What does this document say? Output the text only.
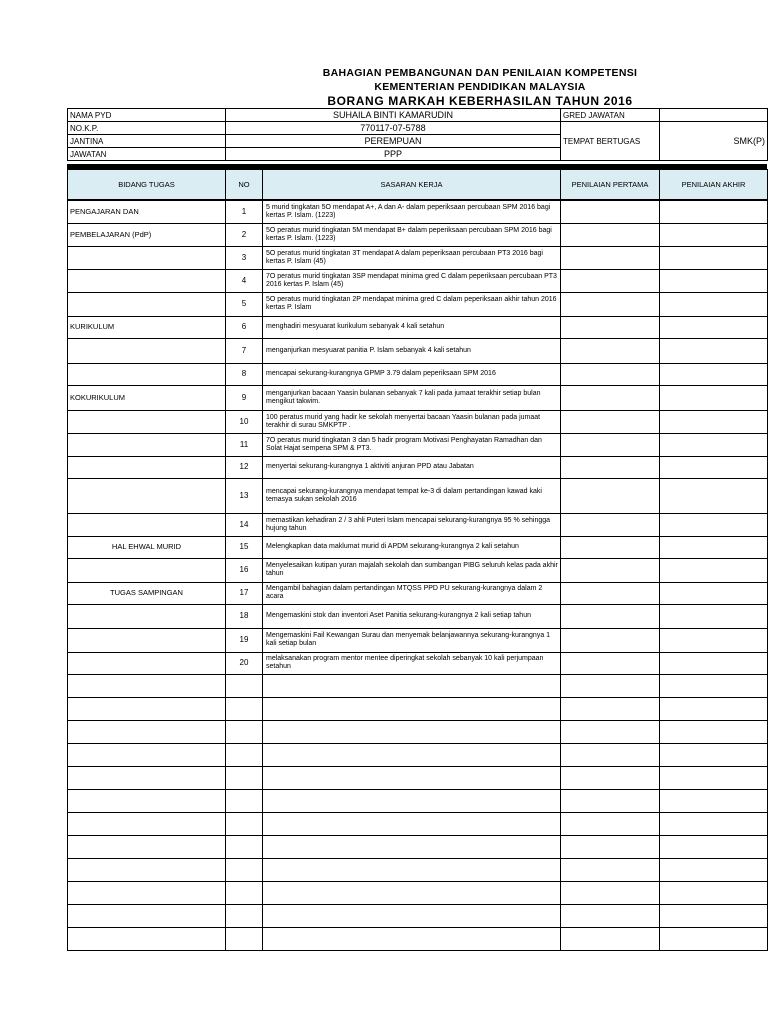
BAHAGIAN PEMBANGUNAN DAN PENILAIAN KOMPETENSI
KEMENTERIAN PENDIDIKAN MALAYSIA
BORANG MARKAH KEBERHASILAN TAHUN 2016
NAMA PYD	SUHAILA BINTI KAMARUDIN	GRED JAWATAN	
NO.K.P.	770117-07-5788	TEMPAT BERTUGAS	SMK(P)
JANTINA	PEREMPUAN		
JAWATAN	PPP		
BIDANG TUGAS	NO	SASARAN KERJA	PENILAIAN PERTAMA	PENILAIAN AKHIR
PENGAJARAN DAN	1	5 murid tingkatan 5O mendapat A+, A dan A- dalam peperiksaan percubaan SPM 2016 bagi kertas P. Islam. (1223)		
PEMBELAJARAN (PdP)	2	5O peratus murid tingkatan 5M mendapat B+ dalam peperiksaan percubaan SPM 2016 bagi kertas P. Islam. (1223)		
	3	5O peratus murid tingkatan 3T mendapat A dalam peperiksaan percubaan PT3 2016 bagi kertas P. Islam (45)		
	4	7O peratus murid tingkatan 3SP mendapat minima gred C dalam peperiksaan percubaan PT3 2016 kertas P. Islam (45)		
	5	5O peratus murid tingkatan 2P mendapat minima gred C dalam peperiksaan akhir tahun 2016 kertas P. Islam		
KURIKULUM	6	menghadiri mesyuarat kurikulum sebanyak 4 kali setahun		
	7	menganjurkan mesyuarat panitia P. Islam sebanyak 4 kali setahun		
	8	mencapai sekurang-kurangnya GPMP 3.79 dalam peperiksaan SPM 2016		
KOKURIKULUM	9	menganjurkan bacaan Yaasin bulanan sebanyak 7 kali pada jumaat terakhir setiap bulan mengikut takwim.		
	10	100 peratus murid yang hadir ke sekolah menyertai bacaan Yaasin bulanan pada jumaat terakhir di surau SMKPTP .		
	11	7O peratus murid tingkatan 3 dan 5 hadir program Motivasi Penghayatan Ramadhan dan Solat Hajat sempena SPM & PT3.		
	12	menyertai sekurang-kurangnya 1 aktiviti anjuran PPD atau Jabatan		
	13	mencapai sekurang-kurangnya mendapat tempat ke-3 di dalam pertandingan kawad kaki temasya sukan sekolah 2016		
	14	memastikan kehadiran 2 / 3 ahli Puteri Islam mencapai sekurang-kurangnya 95 % sehingga hujung tahun		
HAL EHWAL MURID	15	Melengkapkan data maklumat murid di APDM sekurang-kurangnya 2 kali setahun		
	16	Menyelesaikan kutipan yuran majalah sekolah dan sumbangan PIBG seluruh kelas pada akhir tahun		
TUGAS SAMPINGAN	17	Mengambil bahagian dalam pertandingan MTQSS PPD PU sekurang-kurangnya dalam 2 acara		
	18	Mengemaskini stok dan inventori Aset Panitia sekurang-kurangnya 2 kali setiap tahun		
	19	Mengemaskini Fail Kewangan Surau dan menyemak belanjawannya sekurang-kurangnya 1 kali setiap bulan		
	20	melaksanakan program mentor mentee diperingkat sekolah sebanyak 10 kali perjumpaan setahun		
